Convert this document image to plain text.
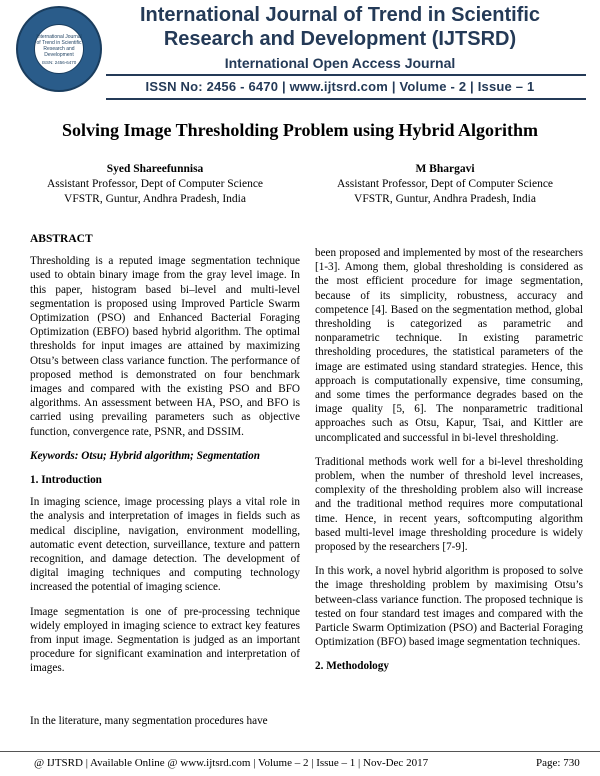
International Journal of Trend in Scientific Research and Development
ISSN: 2456-6470
International Journal of Trend in Scientific
Research and Development (IJTSRD)
International Open Access Journal
ISSN No: 2456 - 6470 | www.ijtsrd.com | Volume - 2 | Issue – 1
Solving Image Thresholding Problem using Hybrid Algorithm
Syed Shareefunnisa
Assistant Professor, Dept of Computer Science
VFSTR, Guntur, Andhra Pradesh, India
M Bhargavi
Assistant Professor, Dept of Computer Science
VFSTR, Guntur, Andhra Pradesh, India

ABSTRACT

Thresholding is a reputed image segmentation technique used to obtain binary image from the gray level image. In this paper, histogram based bi–level and multi-level segmentation is proposed using Improved Particle Swarm Optimization (PSO) and Enhanced Bacterial Foraging Optimization (EBFO) based hybrid algorithm. The optimal thresholds for input images are attained by maximizing Otsu’s between class variance function. The performance of proposed method is demonstrated on four benchmark images and compared with the existing PSO and BFO algorithms. An assessment between HA, PSO, and BFO is carried using prevailing parameters such as objective function, convergence rate, PSNR, and DSSIM.

Keywords: Otsu; Hybrid algorithm; Segmentation

1. Introduction

In imaging science, image processing plays a vital role in the analysis and interpretation of images in fields such as medical discipline, navigation, environment modelling, automatic event detection, surveillance, texture and pattern recognition, and damage detection. The development of digital imaging techniques and computing technology increased the potential of imaging science.

Image segmentation is one of pre-processing technique widely employed in imaging science to extract key features from input image. Segmentation is judged as an important procedure for significant examination and interpretation of images.

In the literature, many segmentation procedures have

been proposed and implemented by most of the researchers [1-3]. Among them, global thresholding is considered as the most efficient procedure for image segmentation, because of its simplicity, robustness, accuracy and competence [4]. Based on the segmentation method, global thresholding is categorized as parametric and nonparametric technique. In existing parametric thresholding procedures, the statistical parameters of the image are estimated using standard strategies. Hence, this approach is computationally expensive, time consuming, and some times the performance degrades based on the image quality [5, 6]. The nonparametric traditional approaches such as Otsu, Kapur, Tsai, and Kittler are uncomplicated and successful in bi-level thresholding.

Traditional methods work well for a bi-level thresholding problem, when the number of threshold level increases, complexity of the thresholding problem also will increase and the traditional method requires more computational time. Hence, in recent years, softcomputing algorithm based multi-level image thresholding procedure is widely proposed by the researchers [7-9].

In this work, a novel hybrid algorithm is proposed to solve the image thresholding problem by maximising Otsu’s between-class variance function. The proposed technique is tested on four standard test images and compared with the Particle Swarm Optimization (PSO) and Bacterial Foraging Optimization (BFO) based image segmentation techniques.

2. Methodology

@ IJTSRD | Available Online @ www.ijtsrd.com | Volume – 2 | Issue – 1 | Nov-Dec 2017	Page: 730
